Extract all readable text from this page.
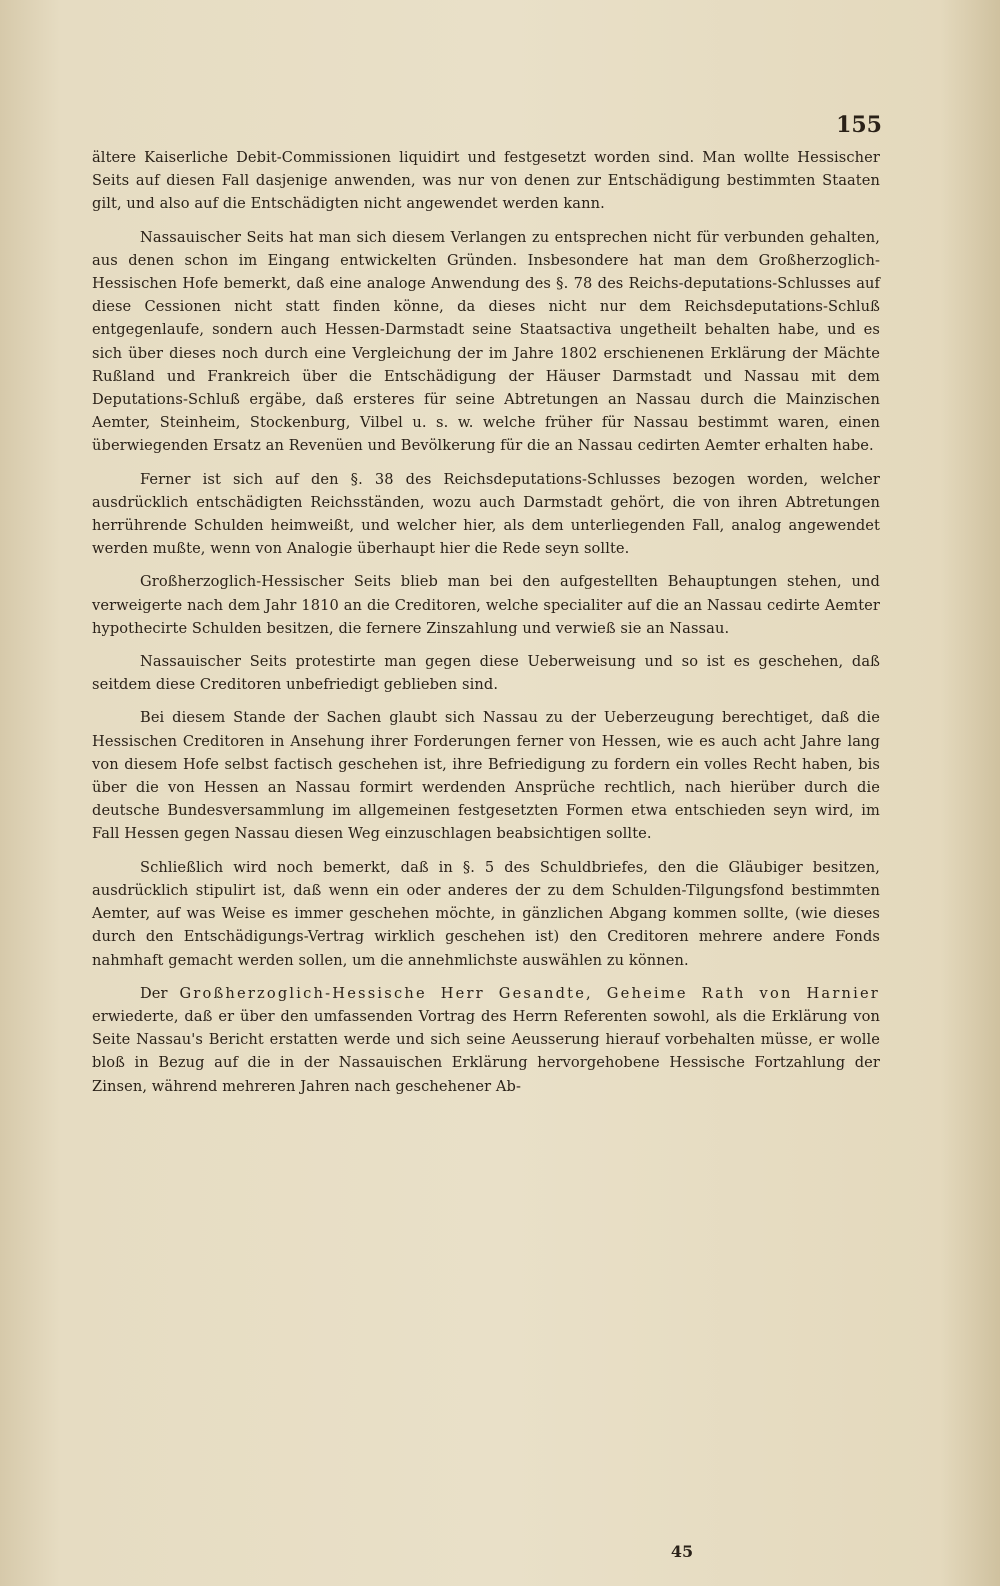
155

ältere Kaiserliche Debit-Commissionen liquidirt und festgesetzt worden sind. Man wollte Hessischer Seits auf diesen Fall dasjenige anwenden, was nur von denen zur Entschädigung bestimmten Staaten gilt, und also auf die Entschädigten nicht angewendet werden kann.

Nassauischer Seits hat man sich diesem Verlangen zu entsprechen nicht für verbunden gehalten, aus denen schon im Eingang entwickelten Gründen. Insbesondere hat man dem Großherzoglich-Hessischen Hofe bemerkt, daß eine analoge Anwendung des §. 78 des Reichs-deputations-Schlusses auf diese Cessionen nicht statt finden könne, da dieses nicht nur dem Reichsdeputations-Schluß entgegenlaufe, sondern auch Hessen-Darmstadt seine Staatsactiva ungetheilt behalten habe, und es sich über dieses noch durch eine Vergleichung der im Jahre 1802 erschienenen Erklärung der Mächte Rußland und Frankreich über die Entschädigung der Häuser Darmstadt und Nassau mit dem Deputations-Schluß ergäbe, daß ersteres für seine Abtretungen an Nassau durch die Mainzischen Aemter, Steinheim, Stockenburg, Vilbel u. s. w. welche früher für Nassau bestimmt waren, einen überwiegenden Ersatz an Revenüen und Bevölkerung für die an Nassau cedirten Aemter erhalten habe.

Ferner ist sich auf den §. 38 des Reichsdeputations-Schlusses bezogen worden, welcher ausdrücklich entschädigten Reichsständen, wozu auch Darmstadt gehört, die von ihren Abtretungen herrührende Schulden heimweißt, und welcher hier, als dem unterliegenden Fall, analog angewendet werden mußte, wenn von Analogie überhaupt hier die Rede seyn sollte.

Großherzoglich-Hessischer Seits blieb man bei den aufgestellten Behauptungen stehen, und verweigerte nach dem Jahr 1810 an die Creditoren, welche specialiter auf die an Nassau cedirte Aemter hypothecirte Schulden besitzen, die fernere Zinszahlung und verwieß sie an Nassau.

Nassauischer Seits protestirte man gegen diese Ueberweisung und so ist es geschehen, daß seitdem diese Creditoren unbefriedigt geblieben sind.

Bei diesem Stande der Sachen glaubt sich Nassau zu der Ueberzeugung berechtiget, daß die Hessischen Creditoren in Ansehung ihrer Forderungen ferner von Hessen, wie es auch acht Jahre lang von diesem Hofe selbst factisch geschehen ist, ihre Befriedigung zu fordern ein volles Recht haben, bis über die von Hessen an Nassau formirt werdenden Ansprüche rechtlich, nach hierüber durch die deutsche Bundesversammlung im allgemeinen festgesetzten Formen etwa entschieden seyn wird, im Fall Hessen gegen Nassau diesen Weg einzuschlagen beabsichtigen sollte.

Schließlich wird noch bemerkt, daß in §. 5 des Schuldbriefes, den die Gläubiger besitzen, ausdrücklich stipulirt ist, daß wenn ein oder anderes der zu dem Schulden-Tilgungsfond bestimmten Aemter, auf was Weise es immer geschehen möchte, in gänzlichen Abgang kommen sollte, (wie dieses durch den Entschädigungs-Vertrag wirklich geschehen ist) den Creditoren mehrere andere Fonds nahmhaft gemacht werden sollen, um die annehmlichste auswählen zu können.

Der Großherzoglich-Hessische Herr Gesandte, Geheime Rath von Harnier erwiederte, daß er über den umfassenden Vortrag des Herrn Referenten sowohl, als die Erklärung von Seite Nassau's Bericht erstatten werde und sich seine Aeusserung hierauf vorbehalten müsse, er wolle bloß in Bezug auf die in der Nassauischen Erklärung hervorgehobene Hessische Fortzahlung der Zinsen, während mehreren Jahren nach geschehener Ab-

45
